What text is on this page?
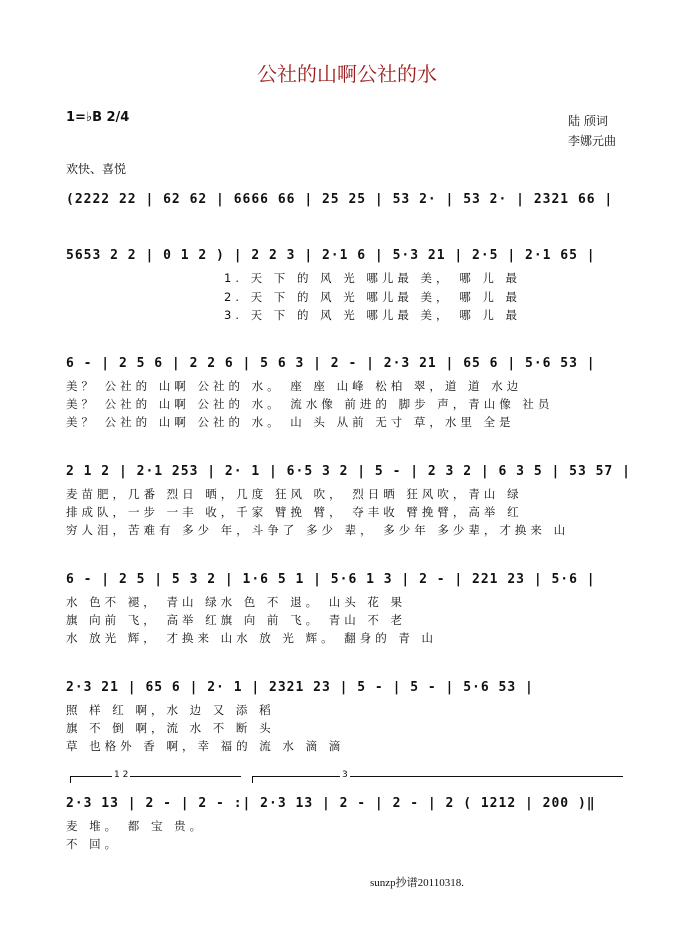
公社的山啊公社的水
1=♭B 2/4	陆 颀词
李娜元曲
欢快、喜悦
(2222 22 | 62 62 | 6666 66 | 25 25 | 53 2· | 53 2· | 2321 66 |
5653 2 2 | 0 1 2 ) | 2 2 3 | 2·1 6 | 5·3 21 | 2·5 | 2·1 65 |
1. 天 下 的 风 光 哪儿最 美， 哪 儿 最
2. 天 下 的 风 光 哪儿最 美， 哪 儿 最
3. 天 下 的 风 光 哪儿最 美， 哪 儿 最
6 - | 2 5 6 | 2 2 6 | 5 6 3 | 2 - | 2·3 21 | 65 6 | 5·6 53 |
美？ 公社的 山啊 公社的 水。 座 座 山峰 松柏 翠，道 道 水边
美？ 公社的 山啊 公社的 水。 流水像 前进的 脚步 声，青山像 社员
美？ 公社的 山啊 公社的 水。 山 头 从前 无寸 草，水里 全是
2 1 2 | 2·1 253 | 2· 1 | 6·5 3 2 | 5 - | 2 3 2 | 6 3 5 | 53 57 |
麦苗肥，几番 烈日 晒，几度 狂风 吹， 烈日晒 狂风吹，青山 绿
排成队，一步 一丰 收，千家 臂挽 臂， 夺丰收 臂挽臂，高举 红
穷人泪，苦难有 多少 年，斗争了 多少 辈， 多少年 多少辈，才换来 山
6 - | 2 5 | 5 3 2 | 1·6 5 1 | 5·6 1 3 | 2 - | 221 23 | 5·6 |
水 色不 褪， 青山 绿水 色 不 退。 山头 花 果
旗 向前 飞， 高举 红旗 向 前 飞。 青山 不 老
水 放光 辉， 才换来 山水 放 光 辉。 翻身的 青 山
2·3 21 | 65 6 | 2· 1 | 2321 23 | 5 - | 5 - | 5·6 53 |
照 样 红 啊，水 边 又 添 稻
旗 不 倒 啊，流 水 不 断 头
草 也格外 香 啊，幸 福的 流 水 滴 滴
1 2	3
2·3 13 | 2 - | 2 - :| 2·3 13 | 2 - | 2 - | 2 ( 1212 | 200 )‖
麦 堆。 都 宝 贵。
不 回。
sunzp抄谱20110318.
